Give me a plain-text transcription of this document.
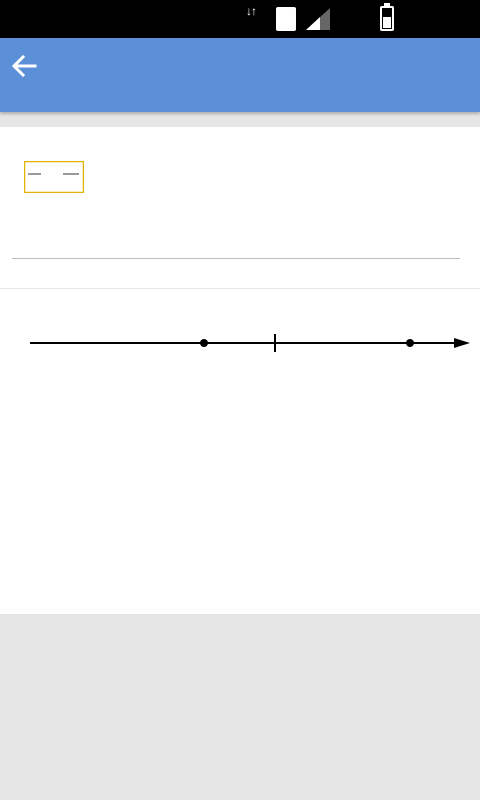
↓↑
